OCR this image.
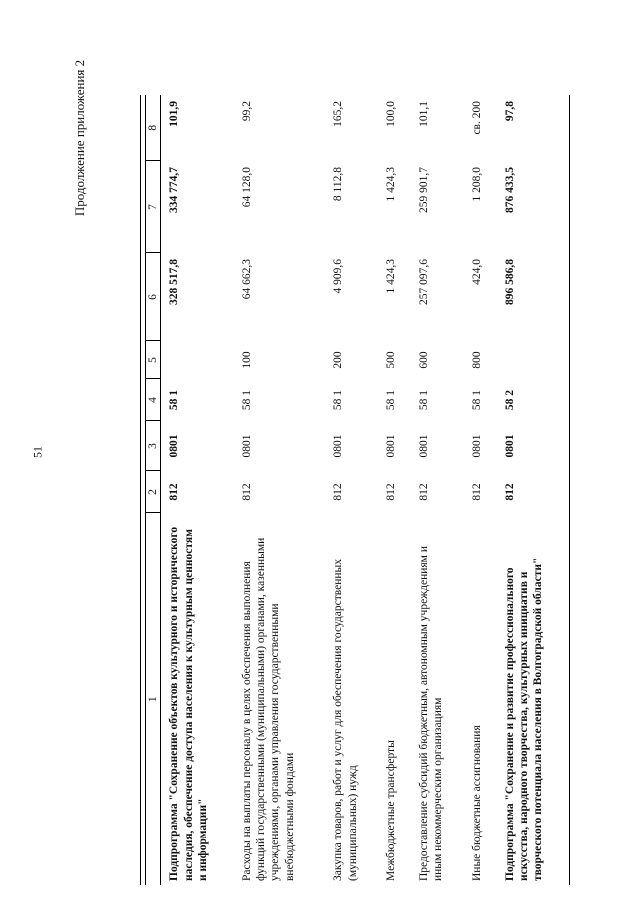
51
Продолжение приложения 2

1	2	3	4	5	6	7	8
Подпрограмма "Сохранение объектов культурного и исторического наследия, обеспечение доступа населения к культурным ценностям и информации"	812	0801	58 1		328 517,8	334 774,7	101,9
Расходы на выплаты персоналу в целях обеспечения выполнения функций государственными (муниципальными) органами, казенными учреждениями, органами управления государственными внебюджетными фондами	812	0801	58 1	100	64 662,3	64 128,0	99,2
Закупка товаров, работ и услуг для обеспечения государственных (муниципальных) нужд	812	0801	58 1	200	4 909,6	8 112,8	165,2
Межбюджетные трансферты	812	0801	58 1	500	1 424,3	1 424,3	100,0
Предоставление субсидий бюджетным, автономным учреждениям и иным некоммерческим организациям	812	0801	58 1	600	257 097,6	259 901,7	101,1
Иные бюджетные ассигнования	812	0801	58 1	800	424,0	1 208,0	св. 200
Подпрограмма "Сохранение и развитие профессионального искусства, народного творчества, культурных инициатив и творческого потенциала населения в Волгоградской области"	812	0801	58 2		896 586,8	876 433,5	97,8
